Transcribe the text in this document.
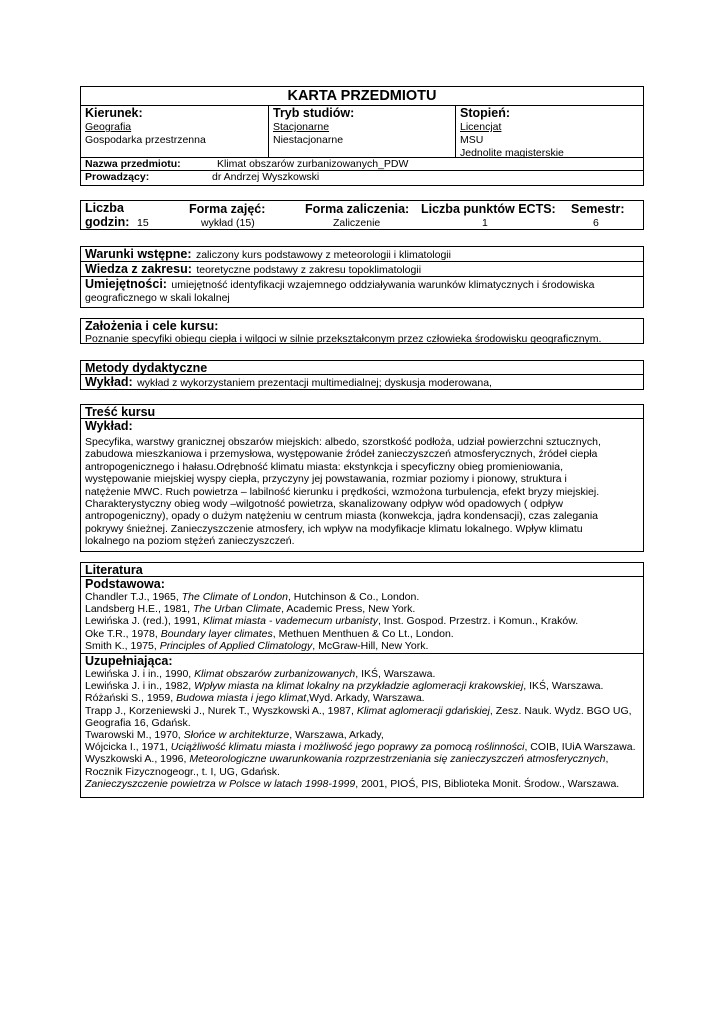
KARTA PRZEDMIOTU
Kierunek:
Geografia
Gospodarka przestrzenna
Tryb studiów:
Stacjonarne
Niestacjonarne
Stopień:
Licencjat
MSU
Jednolite magisterskie
Nazwa przedmiotu:	Klimat obszarów zurbanizowanych_PDW
Prowadzący:	dr Andrzej Wyszkowski
Liczba
godzin: 15
Forma zajęć:
wykład (15)
Forma zaliczenia:
Zaliczenie
Liczba punktów ECTS:
1
Semestr:
6
Warunki wstępne: zaliczony kurs podstawowy z meteorologii i klimatologii
Wiedza z zakresu: teoretyczne podstawy z zakresu topoklimatologii
Umiejętności: umiejętność identyfikacji wzajemnego oddziaływania warunków klimatycznych i środowiska
geograficznego w skali lokalnej
Założenia i cele kursu:
Poznanie specyfiki obiegu ciepła i wilgoci w silnie przekształconym przez człowieka środowisku geograficznym.
Metody dydaktyczne
Wykład: wykład z wykorzystaniem prezentacji multimedialnej; dyskusja moderowana,
Treść kursu
Wykład:
Specyfika, warstwy granicznej obszarów miejskich: albedo, szorstkość podłoża, udział powierzchni sztucznych,
zabudowa mieszkaniowa i przemysłowa, występowanie źródeł zanieczyszczeń atmosferycznych, źródeł ciepła
antropogenicznego i hałasu.Odrębność klimatu miasta: ekstynkcja i specyficzny obieg promieniowania,
występowanie miejskiej wyspy ciepła, przyczyny jej powstawania, rozmiar poziomy i pionowy, struktura i
natężenie MWC. Ruch powietrza – labilność kierunku i prędkości, wzmożona turbulencja, efekt bryzy miejskiej.
Charakterystyczny obieg wody –wilgotność powietrza, skanalizowany odpływ wód opadowych ( odpływ
antropogeniczny), opady o dużym natężeniu w centrum miasta (konwekcja, jądra kondensacji), czas zalegania
pokrywy śnieżnej. Zanieczyszczenie atmosfery, ich wpływ na modyfikacje klimatu lokalnego. Wpływ klimatu
lokalnego na poziom stężeń zanieczyszczeń.
Literatura
Podstawowa:
Chandler T.J., 1965, The Climate of London, Hutchinson & Co., London.
Landsberg H.E., 1981, The Urban Climate, Academic Press, New York.
Lewińska J. (red.), 1991, Klimat miasta - vademecum urbanisty, Inst. Gospod. Przestrz. i Komun., Kraków.
Oke T.R., 1978, Boundary layer climates, Methuen Menthuen & Co Lt., London.
Smith K., 1975, Principles of Applied Climatology, McGraw-Hill, New York.
Uzupełniająca:
Lewińska J. i in., 1990, Klimat obszarów zurbanizowanych, IKŚ, Warszawa.
Lewińska J. i in., 1982, Wpływ miasta na klimat lokalny na przykładzie aglomeracji krakowskiej, IKŚ, Warszawa.
Różański S., 1959, Budowa miasta i jego klimat,Wyd. Arkady, Warszawa.
Trapp J., Korzeniewski J., Nurek T., Wyszkowski A., 1987, Klimat aglomeracji gdańskiej, Zesz. Nauk. Wydz. BGO UG,
Geografia 16, Gdańsk.
Twarowski M., 1970, Słońce w architekturze, Warszawa, Arkady,
Wójcicka I., 1971, Uciążliwość klimatu miasta i możliwość jego poprawy za pomocą roślinności, COIB, IUiA Warszawa.
Wyszkowski A., 1996, Meteorologiczne uwarunkowania rozprzestrzeniania się zanieczyszczeń atmosferycznych,
Rocznik Fizycznogeogr., t. I, UG, Gdańsk.
Zanieczyszczenie powietrza w Polsce w latach 1998-1999, 2001, PIOŚ, PIS, Biblioteka Monit. Środow., Warszawa.
